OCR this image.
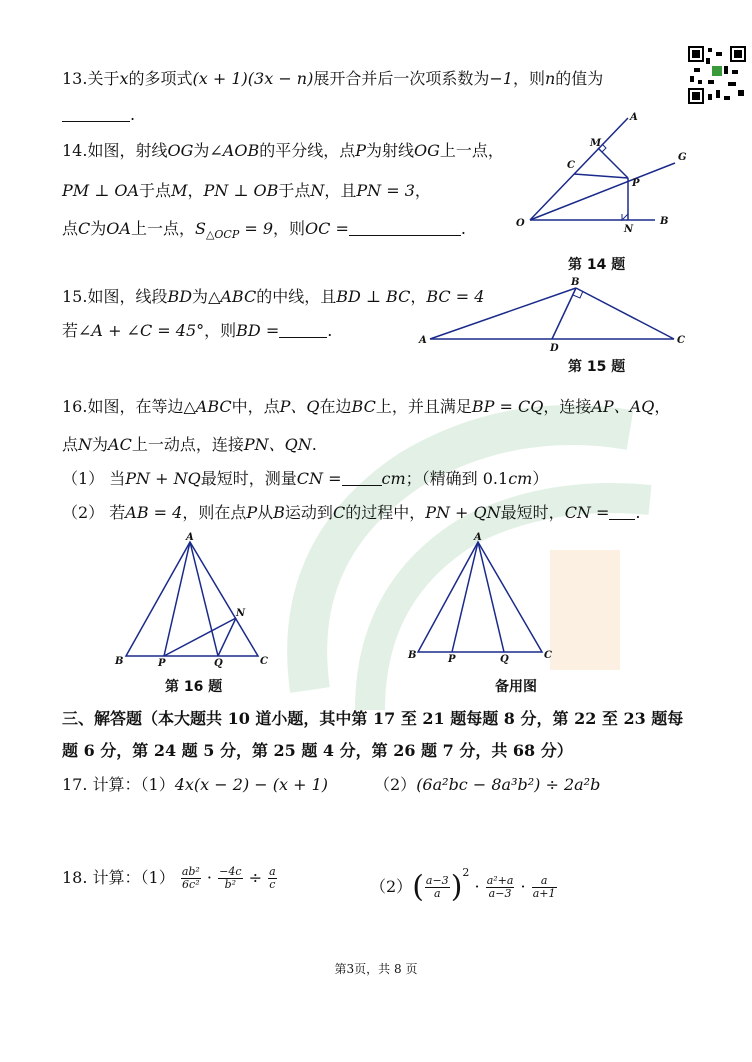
13.关于x的多项式(x + 1)(3x − n)展开合并后一次项系数为−1，则n的值为
.
14.如图，射线OG为∠AOB的平分线，点P为射线OG上一点，
PM ⊥ OA于点M，PN ⊥ OB于点N，且PN = 3，
点C为OA上一点，$S_{\triangle OCP} = 9$，则OC =	.
A
M
C
G
P
O
N
B
第 14 题
15.如图，线段BD为△ABC的中线，且BD ⊥ BC，BC = 4
若∠A + ∠C = 45°，则BD =	.
A
B
C
D
第 15 题
16.如图，在等边△ABC中，点P、Q在边BC上，并且满足BP = CQ，连接AP、AQ，
点N为AC上一动点，连接PN、QN.
（1） 当PN + NQ最短时，测量CN =	cm；（精确到 0.1cm）
（2） 若AB = 4，则在点P从B运动到C的过程中，PN + QN最短时，CN = .
A
B	C
P	Q
N
第 16 题
A
B	C
P	Q
备用图
三、解答题（本大题共 10 道小题，其中第 17 至 21 题每题 8 分，第 22 至 23 题每
题 6 分，第 24 题 5 分，第 25 题 4 分，第 26 题 7 分，共 68 分）
17. 计算：（1）4x(x − 2) − (x + 1)	（2）(6a²bc − 8a³b²) ÷ 2a²b
18. 计算：$(1) \frac{\text{ab²}}{\text{6c²}} \cdot \frac{-4c}{\text{b²}} \div \frac{a}{c}$	$(2)( \frac{a-3}{a} )^2 \cdot \frac{\text{a²+a}}{a-3} \cdot \frac{a}{a+1}$
第3页，共 8 页
